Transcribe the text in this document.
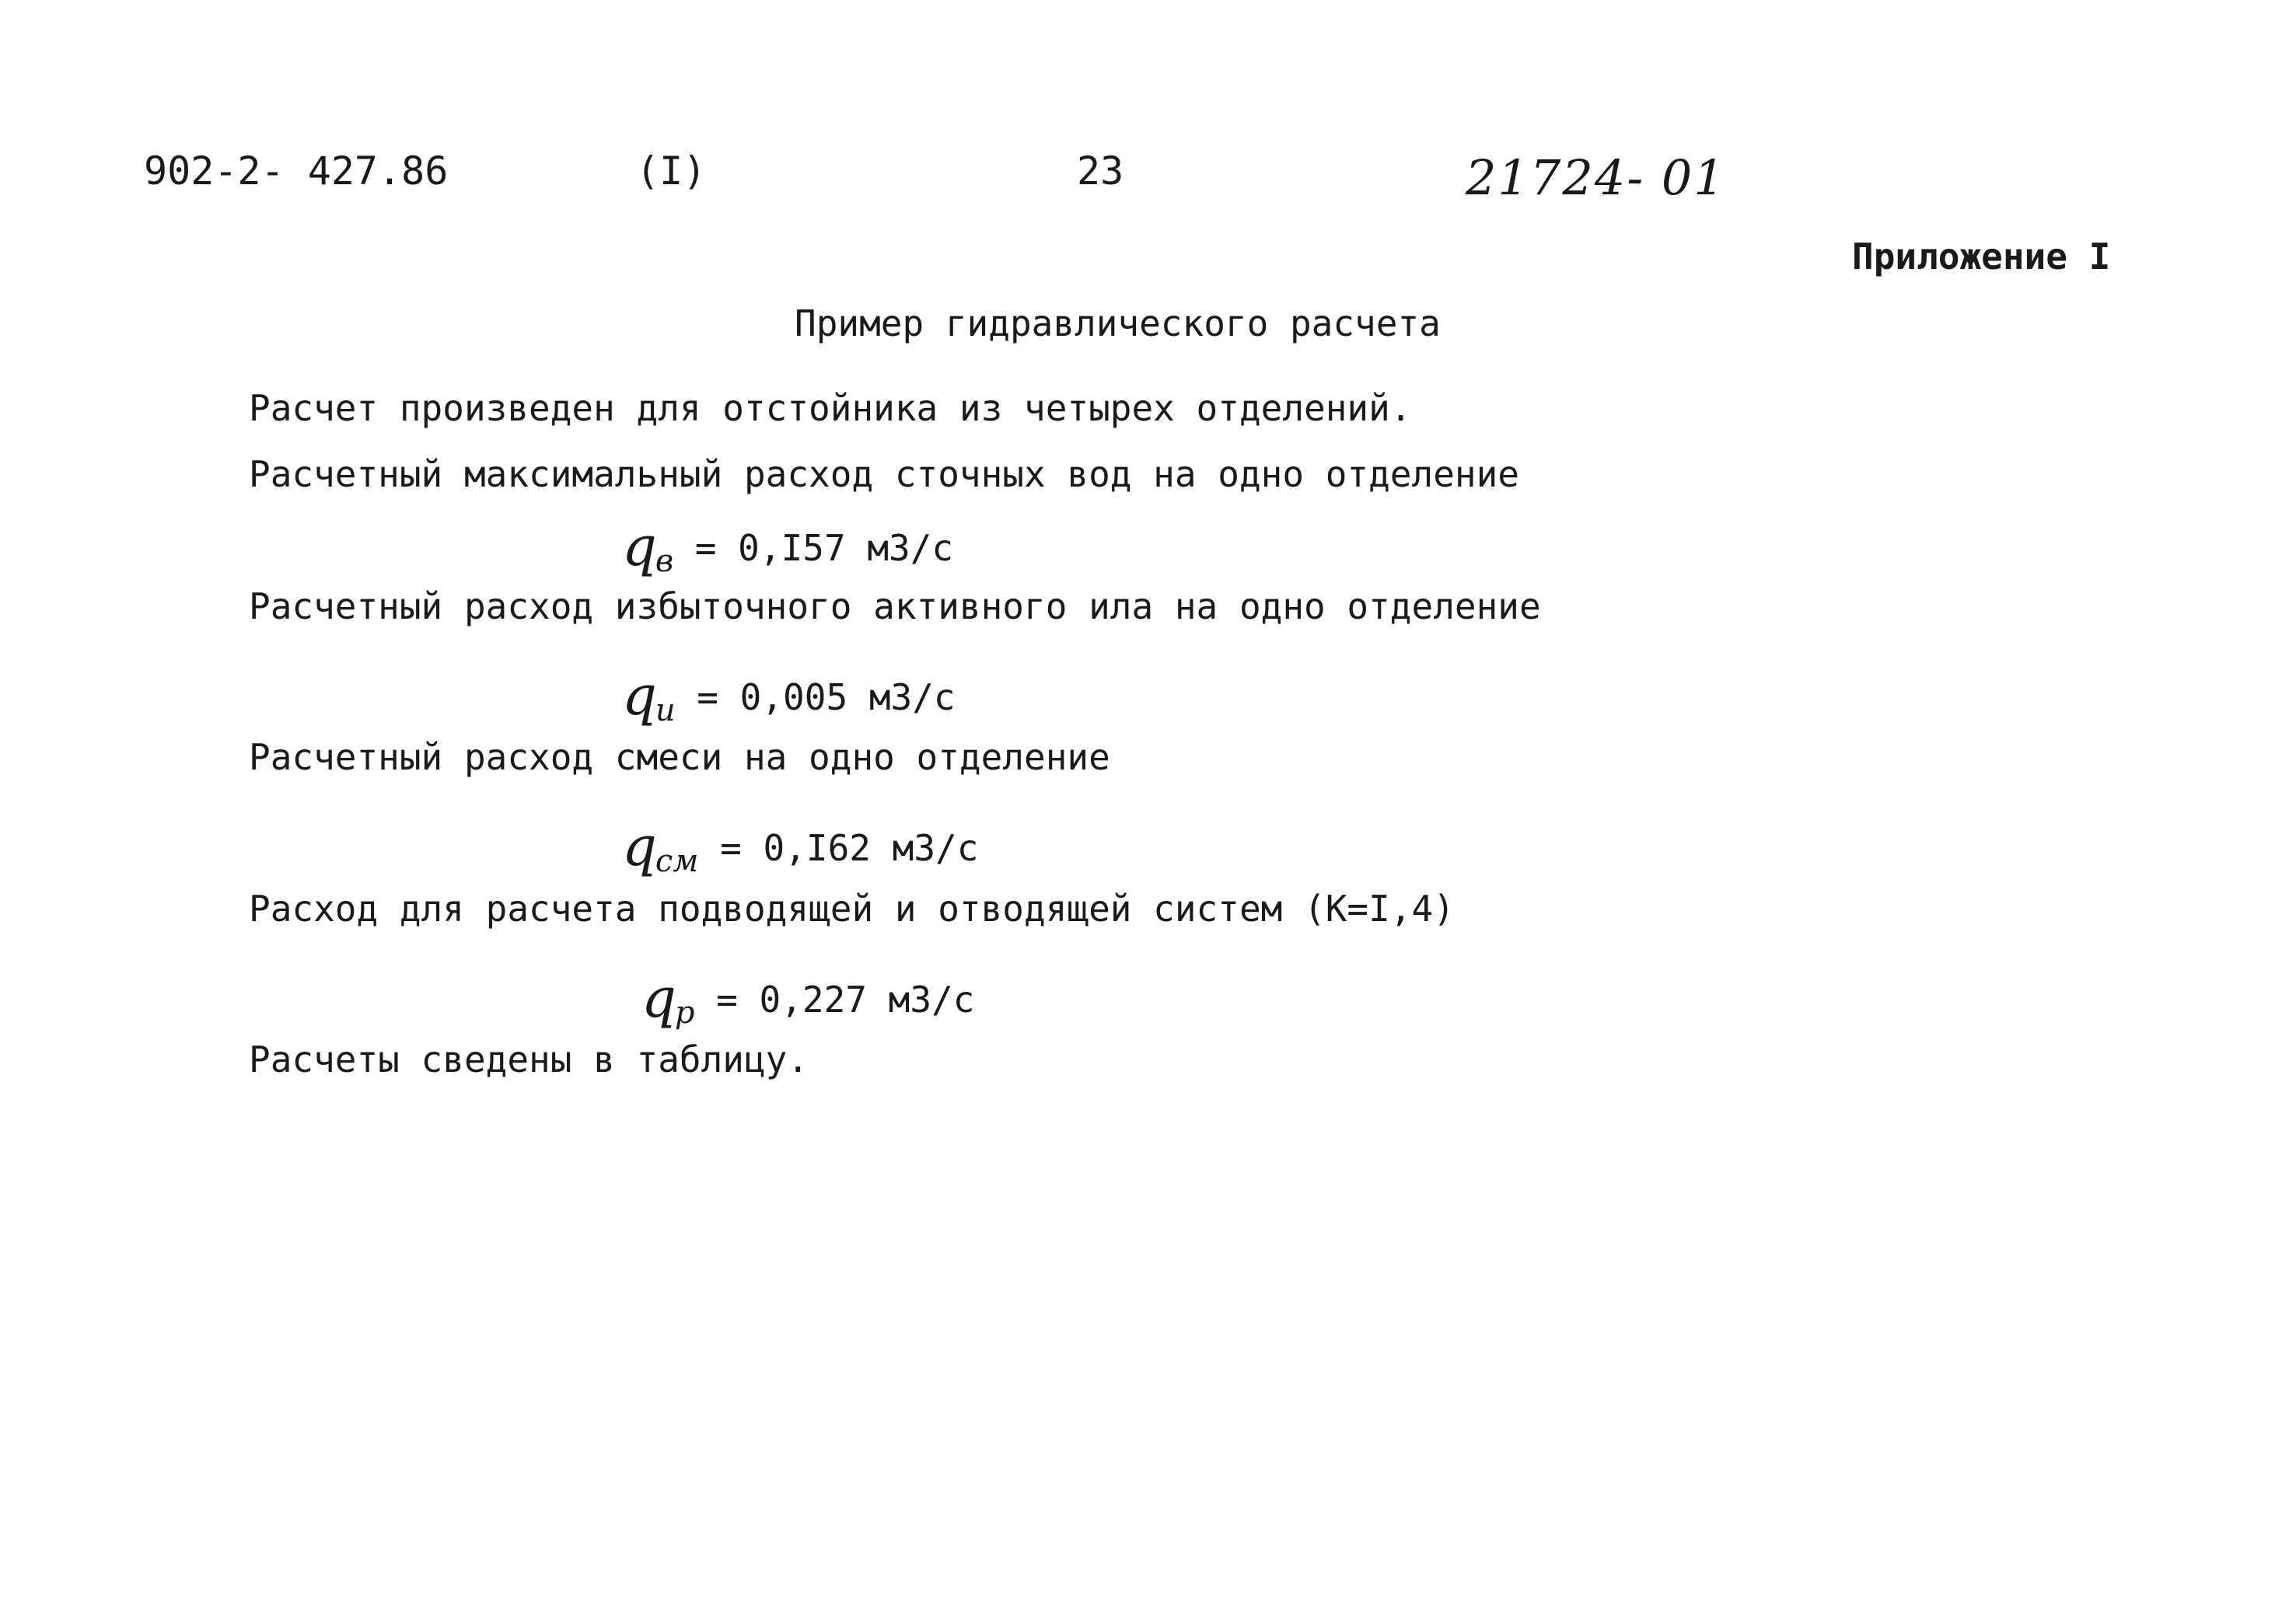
902-2- 427.86	(I)	23	21724- 01
Приложение I
Пример гидравлического расчета
Расчет произведен для отстойника из четырех отделений.
Расчетный максимальный расход сточных вод на одно отделение
qв = 0,I57 м3/с
Расчетный расход избыточного активного ила на одно отделение
qи = 0,005 м3/с
Расчетный расход смеси на одно отделение
qсм = 0,I62 м3/с
Расход для расчета подводящей и отводящей систем (К=I,4)
qр = 0,227 м3/с
Расчеты сведены в таблицу.
